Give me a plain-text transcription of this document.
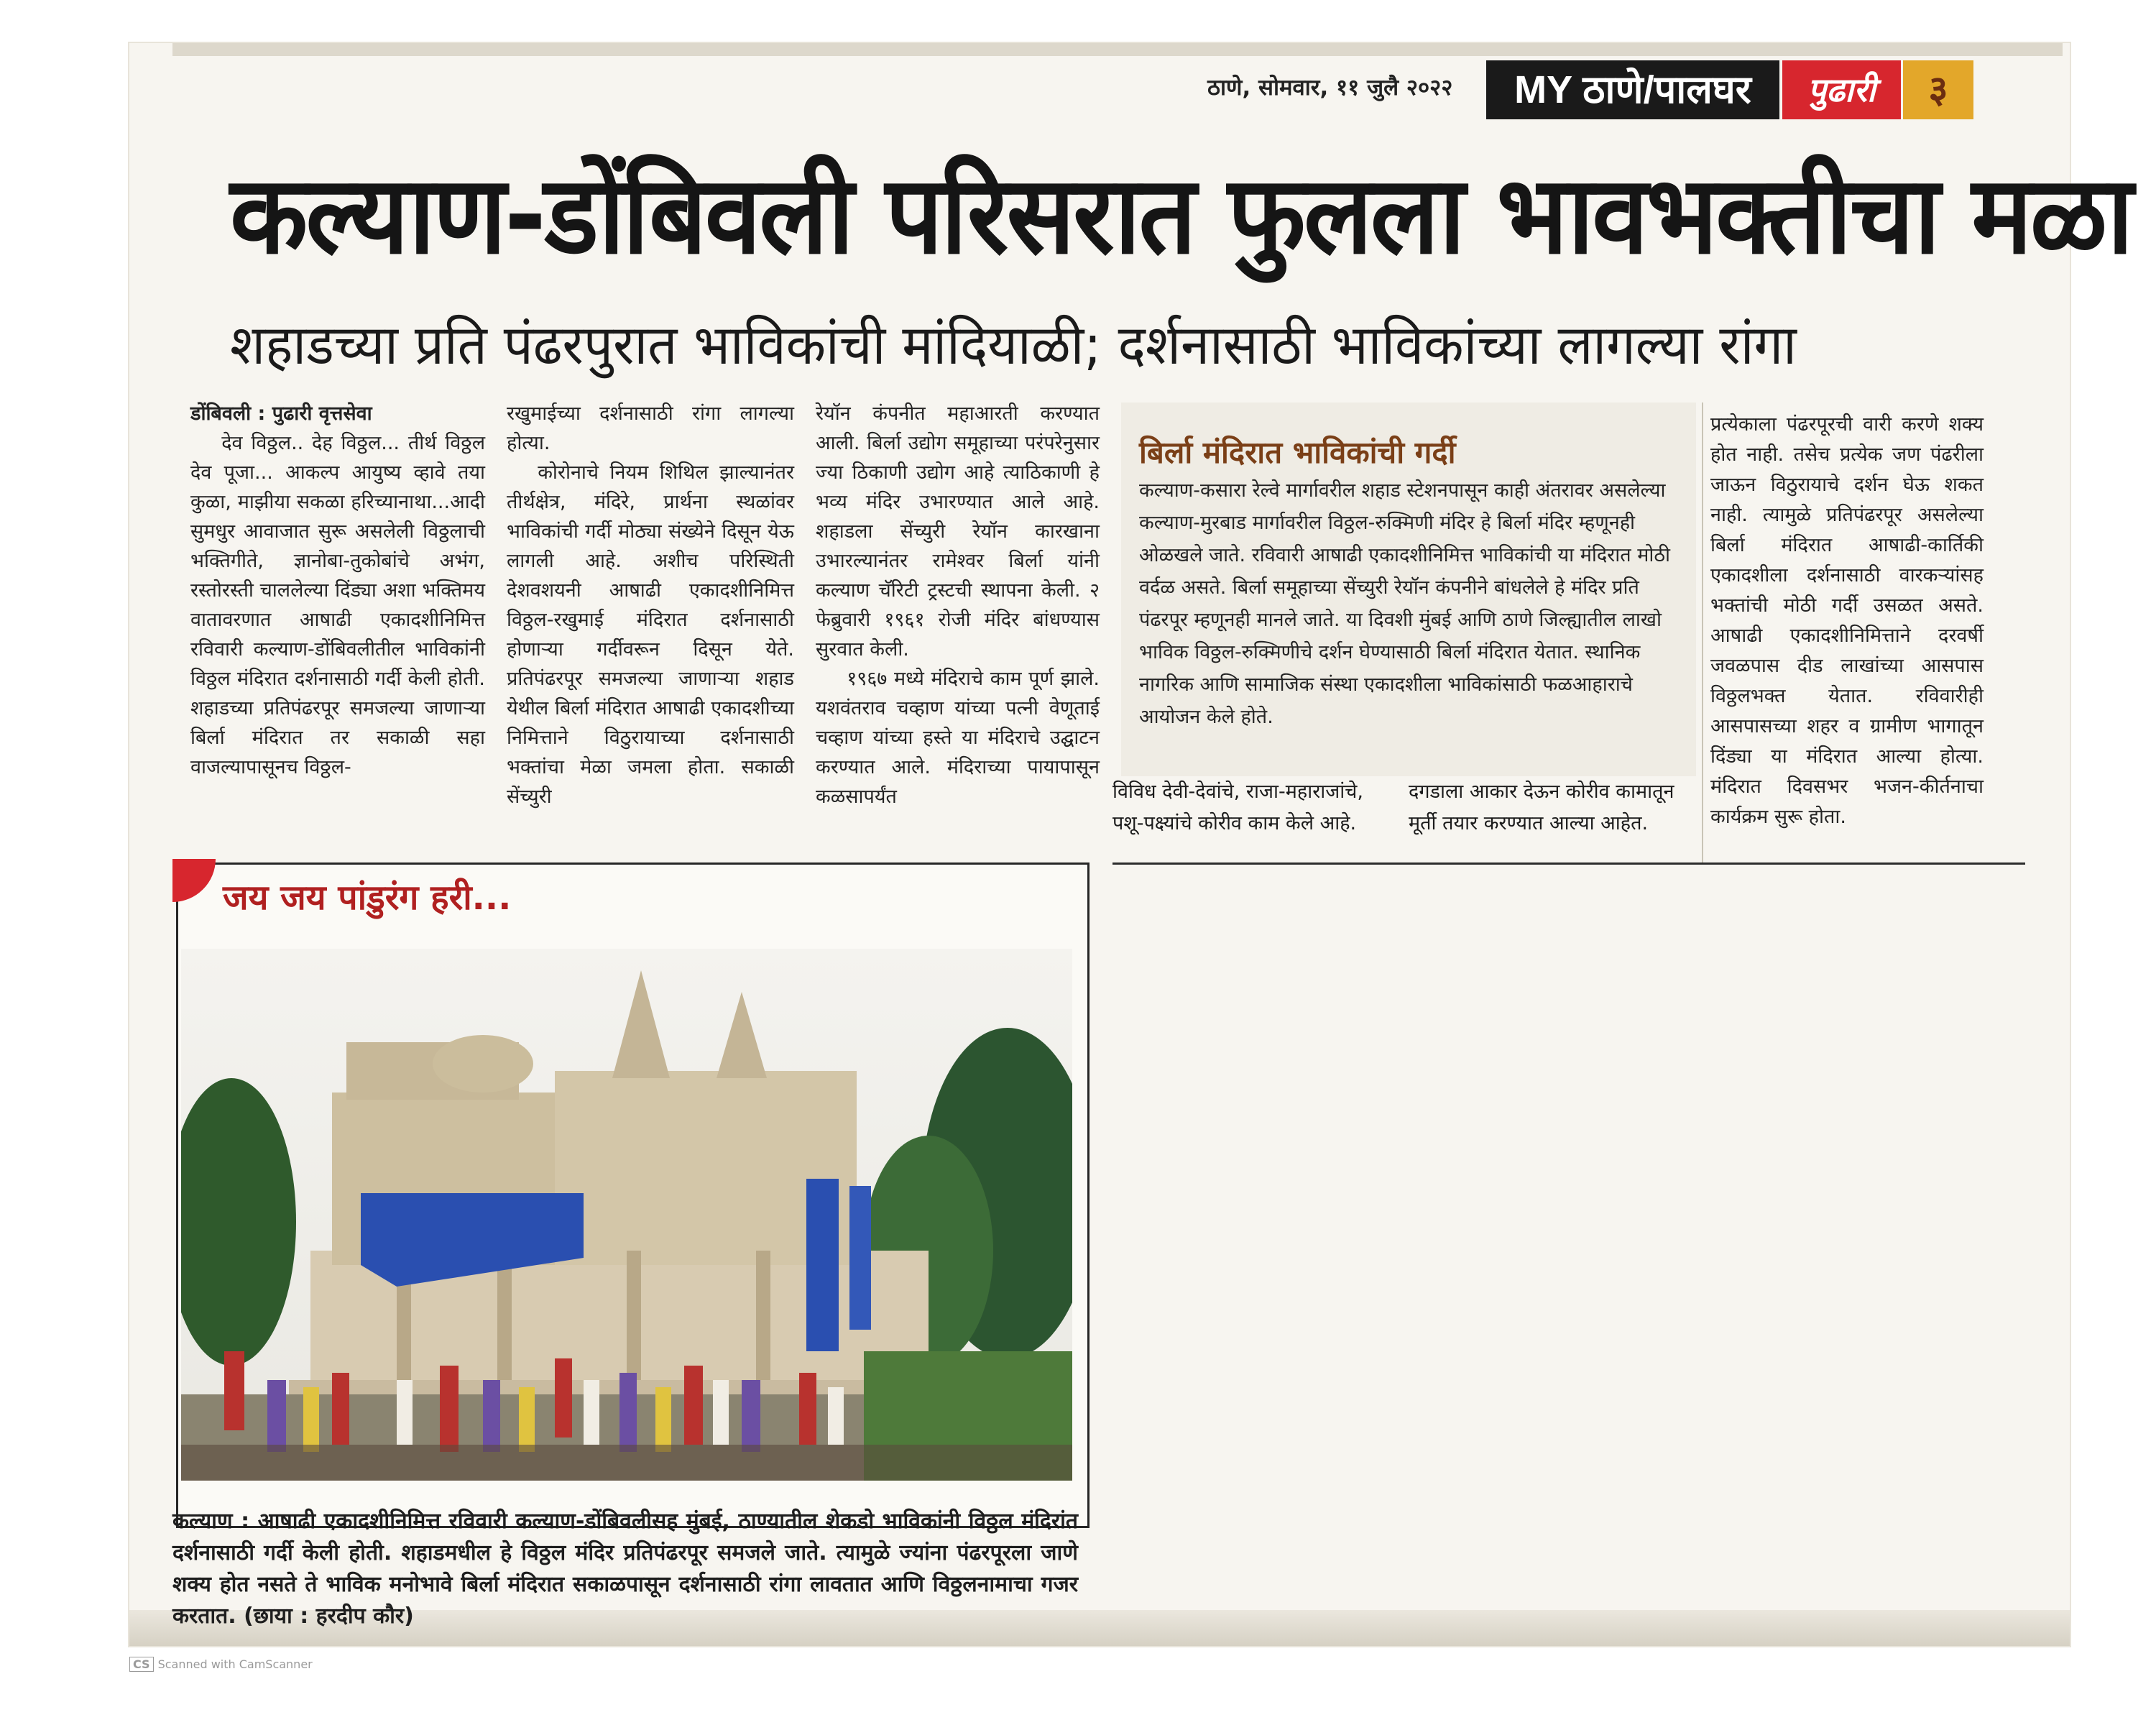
ठाणे, सोमवार, ११ जुलै २०२२	MY ठाणे/पालघर	पुढारी	३
कल्याण-डोंबिवली परिसरात फुलला भावभक्तीचा मळा
शहाडच्या प्रति पंढरपुरात भाविकांची मांदियाळी; दर्शनासाठी भाविकांच्या लागल्या रांगा
डोंबिवली : पुढारी वृत्तसेवा

देव विठ्ठल.. देह विठ्ठल... तीर्थ विठ्ठल देव पूजा... आकल्प आयुष्य व्हावे तया कुळा, माझीया सकळा हरिच्यानाथा...आदी सुमधुर आवाजात सुरू असलेली विठ्ठलाची भक्तिगीते, ज्ञानोबा-तुकोबांचे अभंग, रस्तोरस्ती चाललेल्या दिंड्या अशा भक्तिमय वातावरणात आषाढी एकादशीनिमित्त रविवारी कल्याण-डोंबिवलीतील भाविकांनी विठ्ठल मंदिरात दर्शनासाठी गर्दी केली होती. शहाडच्या प्रतिपंढरपूर समजल्या जाणाऱ्या बिर्ला मंदिरात तर सकाळी सहा वाजल्यापासूनच विठ्ठल-

रखुमाईच्या दर्शनासाठी रांगा लागल्या होत्या.

कोरोनाचे नियम शिथिल झाल्यानंतर तीर्थक्षेत्र, मंदिरे, प्रार्थना स्थळांवर भाविकांची गर्दी मोठ्या संख्येने दिसून येऊ लागली आहे. अशीच परिस्थिती देशवशयनी आषाढी एकादशीनिमित्त विठ्ठल-रखुमाई मंदिरात दर्शनासाठी होणाऱ्या गर्दीवरून दिसून येते. प्रतिपंढरपूर समजल्या जाणाऱ्या शहाड येथील बिर्ला मंदिरात आषाढी एकादशीच्या निमित्ताने विठुरायाच्या दर्शनासाठी भक्तांचा मेळा जमला होता. सकाळी सेंच्युरी

रेयॉन कंपनीत महाआरती करण्यात आली. बिर्ला उद्योग समूहाच्या परंपरेनुसार ज्या ठिकाणी उद्योग आहे त्याठिकाणी हे भव्य मंदिर उभारण्यात आले आहे. शहाडला सेंच्युरी रेयॉन कारखाना उभारल्यानंतर रामेश्वर बिर्ला यांनी कल्याण चॅरिटी ट्रस्टची स्थापना केली. २ फेब्रुवारी १९६१ रोजी मंदिर बांधण्यास सुरवात केली.

१९६७ मध्ये मंदिराचे काम पूर्ण झाले. यशवंतराव चव्हाण यांच्या पत्नी वेणूताई चव्हाण यांच्या हस्ते या मंदिराचे उद्घाटन करण्यात आले. मंदिराच्या पायापासून कळसापर्यंत

प्रत्येकाला पंढरपूरची वारी करणे शक्य होत नाही. तसेच प्रत्येक जण पंढरीला जाऊन विठुरायाचे दर्शन घेऊ शकत नाही. त्यामुळे प्रतिपंढरपूर असलेल्या बिर्ला मंदिरात आषाढी-कार्तिकी एकादशीला दर्शनासाठी वारकऱ्यांसह भक्तांची मोठी गर्दी उसळत असते. आषाढी एकादशीनिमित्ताने दरवर्षी जवळपास दीड लाखांच्या आसपास विठ्ठलभक्त येतात. रविवारीही आसपासच्या शहर व ग्रामीण भागातून दिंड्या या मंदिरात आल्या होत्या. मंदिरात दिवसभर भजन-कीर्तनाचा कार्यक्रम सुरू होता.
बिर्ला मंदिरात भाविकांची गर्दी
कल्याण-कसारा रेल्वे मार्गावरील शहाड स्टेशनपासून काही अंतरावर असलेल्या कल्याण-मुरबाड मार्गावरील विठ्ठल-रुक्मिणी मंदिर हे बिर्ला मंदिर म्हणूनही ओळखले जाते. रविवारी आषाढी एकादशीनिमित्त भाविकांची या मंदिरात मोठी वर्दळ असते. बिर्ला समूहाच्या सेंच्युरी रेयॉन कंपनीने बांधलेले हे मंदिर प्रति पंढरपूर म्हणूनही मानले जाते. या दिवशी मुंबई आणि ठाणे जिल्ह्यातील लाखो भाविक विठ्ठल-रुक्मिणीचे दर्शन घेण्यासाठी बिर्ला मंदिरात येतात. स्थानिक नागरिक आणि सामाजिक संस्था एकादशीला भाविकांसाठी फळआहाराचे आयोजन केले होते.
विविध देवी-देवांचे, राजा-महाराजांचे, पशू-पक्ष्यांचे कोरीव काम केले आहे.
दगडाला आकार देऊन कोरीव कामातून मूर्ती तयार करण्यात आल्या आहेत.
जय जय पांडुरंग हरी...
कल्याण : आषाढी एकादशीनिमित्त रविवारी कल्याण-डोंबिवलीसह मुंबई, ठाण्यातील शेकडो भाविकांनी विठ्ठल मंदिरांत दर्शनासाठी गर्दी केली होती. शहाडमधील हे विठ्ठल मंदिर प्रतिपंढरपूर समजले जाते. त्यामुळे ज्यांना पंढरपूरला जाणे शक्य होत नसते ते भाविक मनोभावे बिर्ला मंदिरात सकाळपासून दर्शनासाठी रांगा लावतात आणि विठ्ठलनामाचा गजर करतात. (छाया : हरदीप कौर)
CS Scanned with CamScanner
